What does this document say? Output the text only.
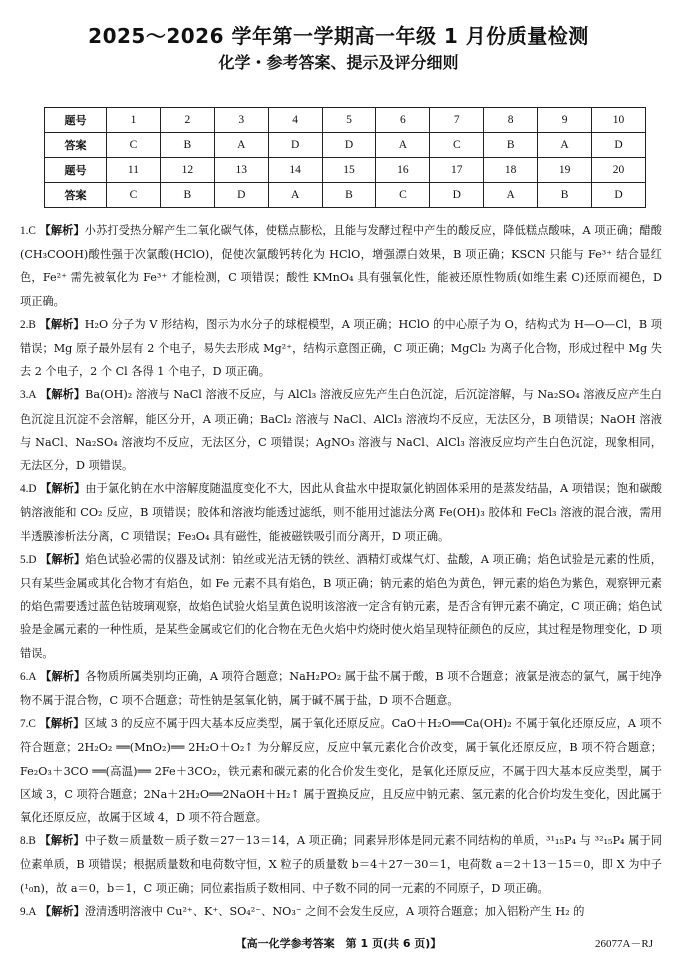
2025～2026 学年第一学期高一年级 1 月份质量检测
化学・参考答案、提示及评分细则
题号	1	2	3	4	5	6	7	8	9	10
答案	C	B	A	D	D	A	C	B	A	D
题号	11	12	13	14	15	16	17	18	19	20
答案	C	B	D	A	B	C	D	A	B	D

1.C 【解析】小苏打受热分解产生二氧化碳气体，使糕点膨松，且能与发酵过程中产生的酸反应，降低糕点酸味，A 项正确；醋酸(CH₃COOH)酸性强于次氯酸(HClO)，促使次氯酸钙转化为 HClO，增强漂白效果，B 项正确；KSCN 只能与 Fe³⁺ 结合显红色，Fe²⁺ 需先被氧化为 Fe³⁺ 才能检测，C 项错误；酸性 KMnO₄ 具有强氧化性，能被还原性物质(如维生素 C)还原而褪色，D 项正确。

2.B 【解析】H₂O 分子为 V 形结构，图示为水分子的球棍模型，A 项正确；HClO 的中心原子为 O，结构式为 H—O—Cl，B 项错误；Mg 原子最外层有 2 个电子，易失去形成 Mg²⁺，结构示意图正确，C 项正确；MgCl₂ 为离子化合物，形成过程中 Mg 失去 2 个电子，2 个 Cl 各得 1 个电子，D 项正确。

3.A 【解析】Ba(OH)₂ 溶液与 NaCl 溶液不反应，与 AlCl₃ 溶液反应先产生白色沉淀，后沉淀溶解，与 Na₂SO₄ 溶液反应产生白色沉淀且沉淀不会溶解，能区分开，A 项正确；BaCl₂ 溶液与 NaCl、AlCl₃ 溶液均不反应，无法区分，B 项错误；NaOH 溶液与 NaCl、Na₂SO₄ 溶液均不反应，无法区分，C 项错误；AgNO₃ 溶液与 NaCl、AlCl₃ 溶液反应均产生白色沉淀，现象相同，无法区分，D 项错误。

4.D 【解析】由于氯化钠在水中溶解度随温度变化不大，因此从食盐水中提取氯化钠固体采用的是蒸发结晶，A 项错误；饱和碳酸钠溶液能和 CO₂ 反应，B 项错误；胶体和溶液均能透过滤纸，则不能用过滤法分离 Fe(OH)₃ 胶体和 FeCl₃ 溶液的混合液，需用半透膜渗析法分离，C 项错误；Fe₃O₄ 具有磁性，能被磁铁吸引而分离开，D 项正确。

5.D 【解析】焰色试验必需的仪器及试剂：铂丝或光洁无锈的铁丝、酒精灯或煤气灯、盐酸，A 项正确；焰色试验是元素的性质，只有某些金属或其化合物才有焰色，如 Fe 元素不具有焰色，B 项正确；钠元素的焰色为黄色，钾元素的焰色为紫色，观察钾元素的焰色需要透过蓝色钴玻璃观察，故焰色试验火焰呈黄色说明该溶液一定含有钠元素，是否含有钾元素不确定，C 项正确；焰色试验是金属元素的一种性质，是某些金属或它们的化合物在无色火焰中灼烧时使火焰呈现特征颜色的反应，其过程是物理变化，D 项错误。

6.A 【解析】各物质所属类别均正确，A 项符合题意；NaH₂PO₂ 属于盐不属于酸，B 项不合题意；液氯是液态的氯气，属于纯净物不属于混合物，C 项不合题意；苛性钠是氢氧化钠，属于碱不属于盐，D 项不合题意。

7.C 【解析】区域 3 的反应不属于四大基本反应类型，属于氧化还原反应。CaO＋H₂O══Ca(OH)₂ 不属于氧化还原反应，A 项不符合题意；2H₂O₂ ══(MnO₂)══ 2H₂O＋O₂↑ 为分解反应，反应中氧元素化合价改变，属于氧化还原反应，B 项不符合题意；Fe₂O₃＋3CO ══(高温)══ 2Fe＋3CO₂，铁元素和碳元素的化合价发生变化，是氧化还原反应，不属于四大基本反应类型，属于区域 3，C 项符合题意；2Na＋2H₂O══2NaOH＋H₂↑ 属于置换反应，且反应中钠元素、氢元素的化合价均发生变化，因此属于氧化还原反应，故属于区域 4，D 项不符合题意。

8.B 【解析】中子数＝质量数－质子数＝27－13＝14，A 项正确；同素异形体是同元素不同结构的单质，³¹₁₅P₄ 与 ³²₁₅P₄ 属于同位素单质，B 项错误；根据质量数和电荷数守恒，X 粒子的质量数 b＝4＋27－30＝1，电荷数 a＝2＋13－15＝0，即 X 为中子(¹₀n)，故 a＝0，b＝1，C 项正确；同位素指质子数相同、中子数不同的同一元素的不同原子，D 项正确。

9.A 【解析】澄清透明溶液中 Cu²⁺、K⁺、SO₄²⁻、NO₃⁻ 之间不会发生反应，A 项符合题意；加入铝粉产生 H₂ 的

【高一化学参考答案　第 1 页(共 6 页)】	26077A－RJ
